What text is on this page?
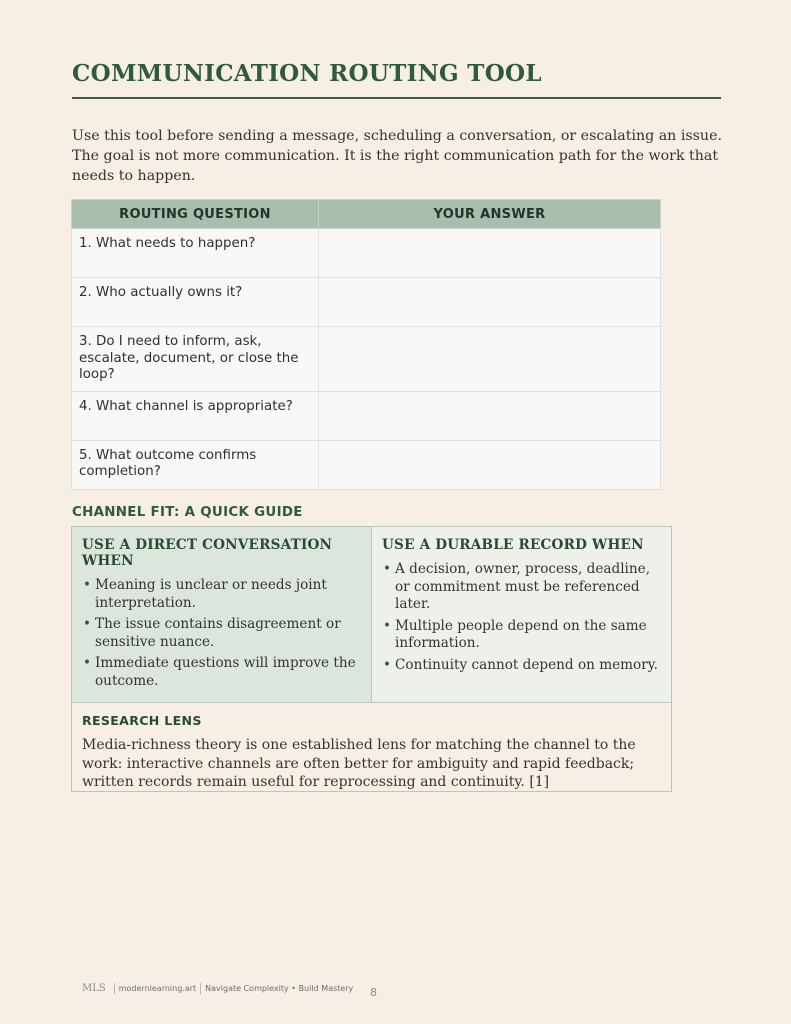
COMMUNICATION ROUTING TOOL

Use this tool before sending a message, scheduling a conversation, or escalating an issue. The goal is not more communication. It is the right communication path for the work that needs to happen.

ROUTING QUESTION	YOUR ANSWER
1. What needs to happen?	
2. Who actually owns it?	
3. Do I need to inform, ask, escalate, document, or close the loop?	
4. What channel is appropriate?	
5. What outcome confirms completion?	
CHANNEL FIT: A QUICK GUIDE
USE A DIRECT CONVERSATION WHEN
• Meaning is unclear or needs joint interpretation.
• The issue contains disagreement or sensitive nuance.
• Immediate questions will improve the outcome.
USE A DURABLE RECORD WHEN
• A decision, owner, process, deadline, or commitment must be referenced later.
• Multiple people depend on the same information.
• Continuity cannot depend on memory.
RESEARCH LENS

Media-richness theory is one established lens for matching the channel to the work: interactive channels are often better for ambiguity and rapid feedback; written records remain useful for reprocessing and continuity. [1]

MLS modernlearning.art Navigate Complexity • Build Mastery 8
